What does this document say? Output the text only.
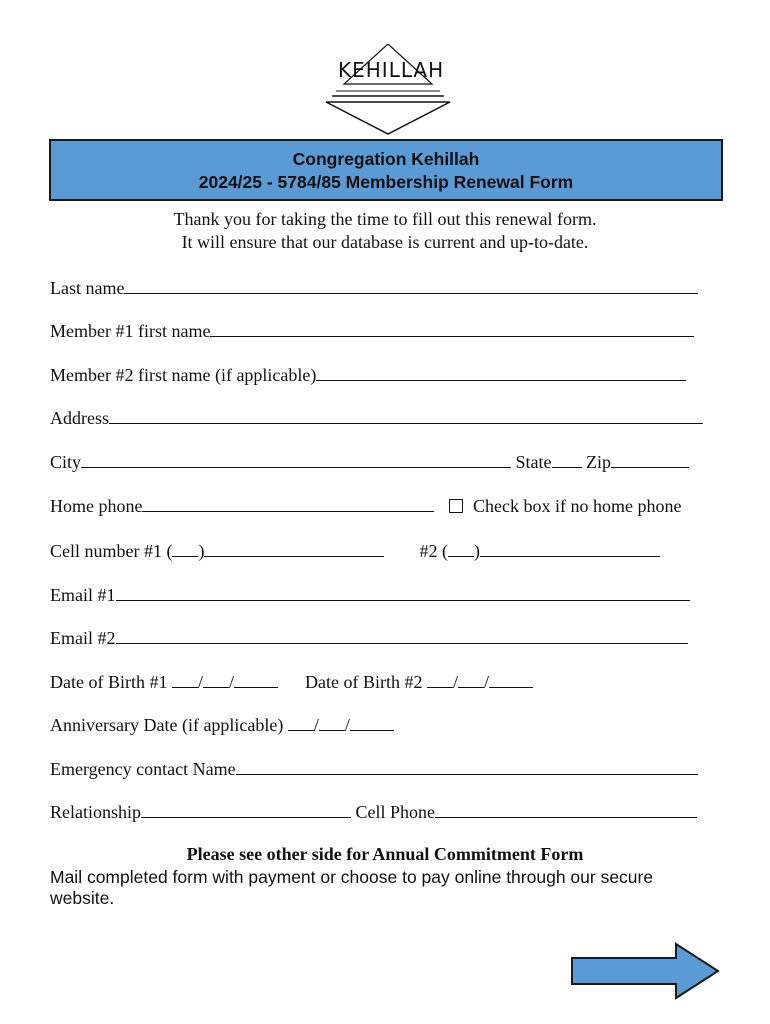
KEHILLAH
Congregation Kehillah
2024/25 - 5784/85 Membership Renewal Form
Thank you for taking the time to fill out this renewal form.
It will ensure that our database is current and up-to-date.
Last name
Member #1 first name
Member #2 first name (if applicable)
Address
City	State Zip
Home phone	Check box if no home phone
Cell number #1 ( )	#2 ( )
Email #1
Email #2
Date of Birth #1 / /	Date of Birth #2 / /
Anniversary Date (if applicable) / /
Emergency contact Name
Relationship	Cell Phone
Please see other side for Annual Commitment Form
Mail completed form with payment or choose to pay online through our secure website.
